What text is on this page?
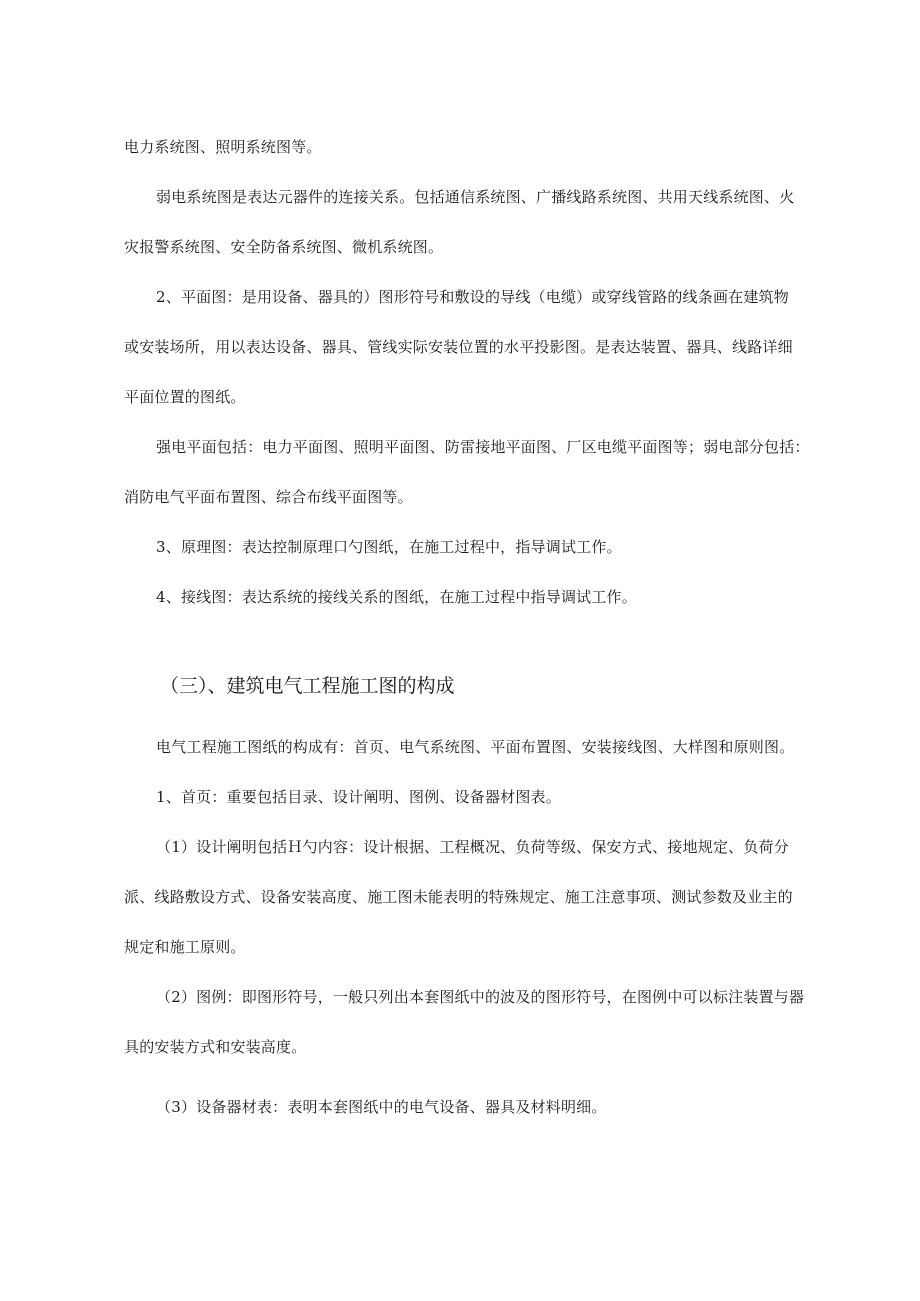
电力系统图、照明系统图等。
弱电系统图是表达元器件的连接关系。包括通信系统图、广播线路系统图、共用天线系统图、火
灾报警系统图、安全防备系统图、微机系统图。
2、平面图：是用设备、器具的）图形符号和敷设的导线（电缆）或穿线管路的线条画在建筑物
或安装场所，用以表达设备、器具、管线实际安装位置的水平投影图。是表达装置、器具、线路详细
平面位置的图纸。
强电平面包括：电力平面图、照明平面图、防雷接地平面图、厂区电缆平面图等；弱电部分包括：
消防电气平面布置图、综合布线平面图等。
3、原理图：表达控制原理口勺图纸，在施工过程中，指导调试工作。
4、接线图：表达系统的接线关系的图纸，在施工过程中指导调试工作。
（三）、建筑电气工程施工图的构成
电气工程施工图纸的构成有：首页、电气系统图、平面布置图、安装接线图、大样图和原则图。
1、首页：重要包括目录、设计阐明、图例、设备器材图表。
（1）设计阐明包括Ｈ勺内容：设计根据、工程概况、负荷等级、保安方式、接地规定、负荷分
派、线路敷设方式、设备安装高度、施工图未能表明的特殊规定、施工注意事项、测试参数及业主的
规定和施工原则。
（2）图例：即图形符号，一般只列出本套图纸中的波及的图形符号，在图例中可以标注装置与器
具的安装方式和安装高度。
（3）设备器材表：表明本套图纸中的电气设备、器具及材料明细。
